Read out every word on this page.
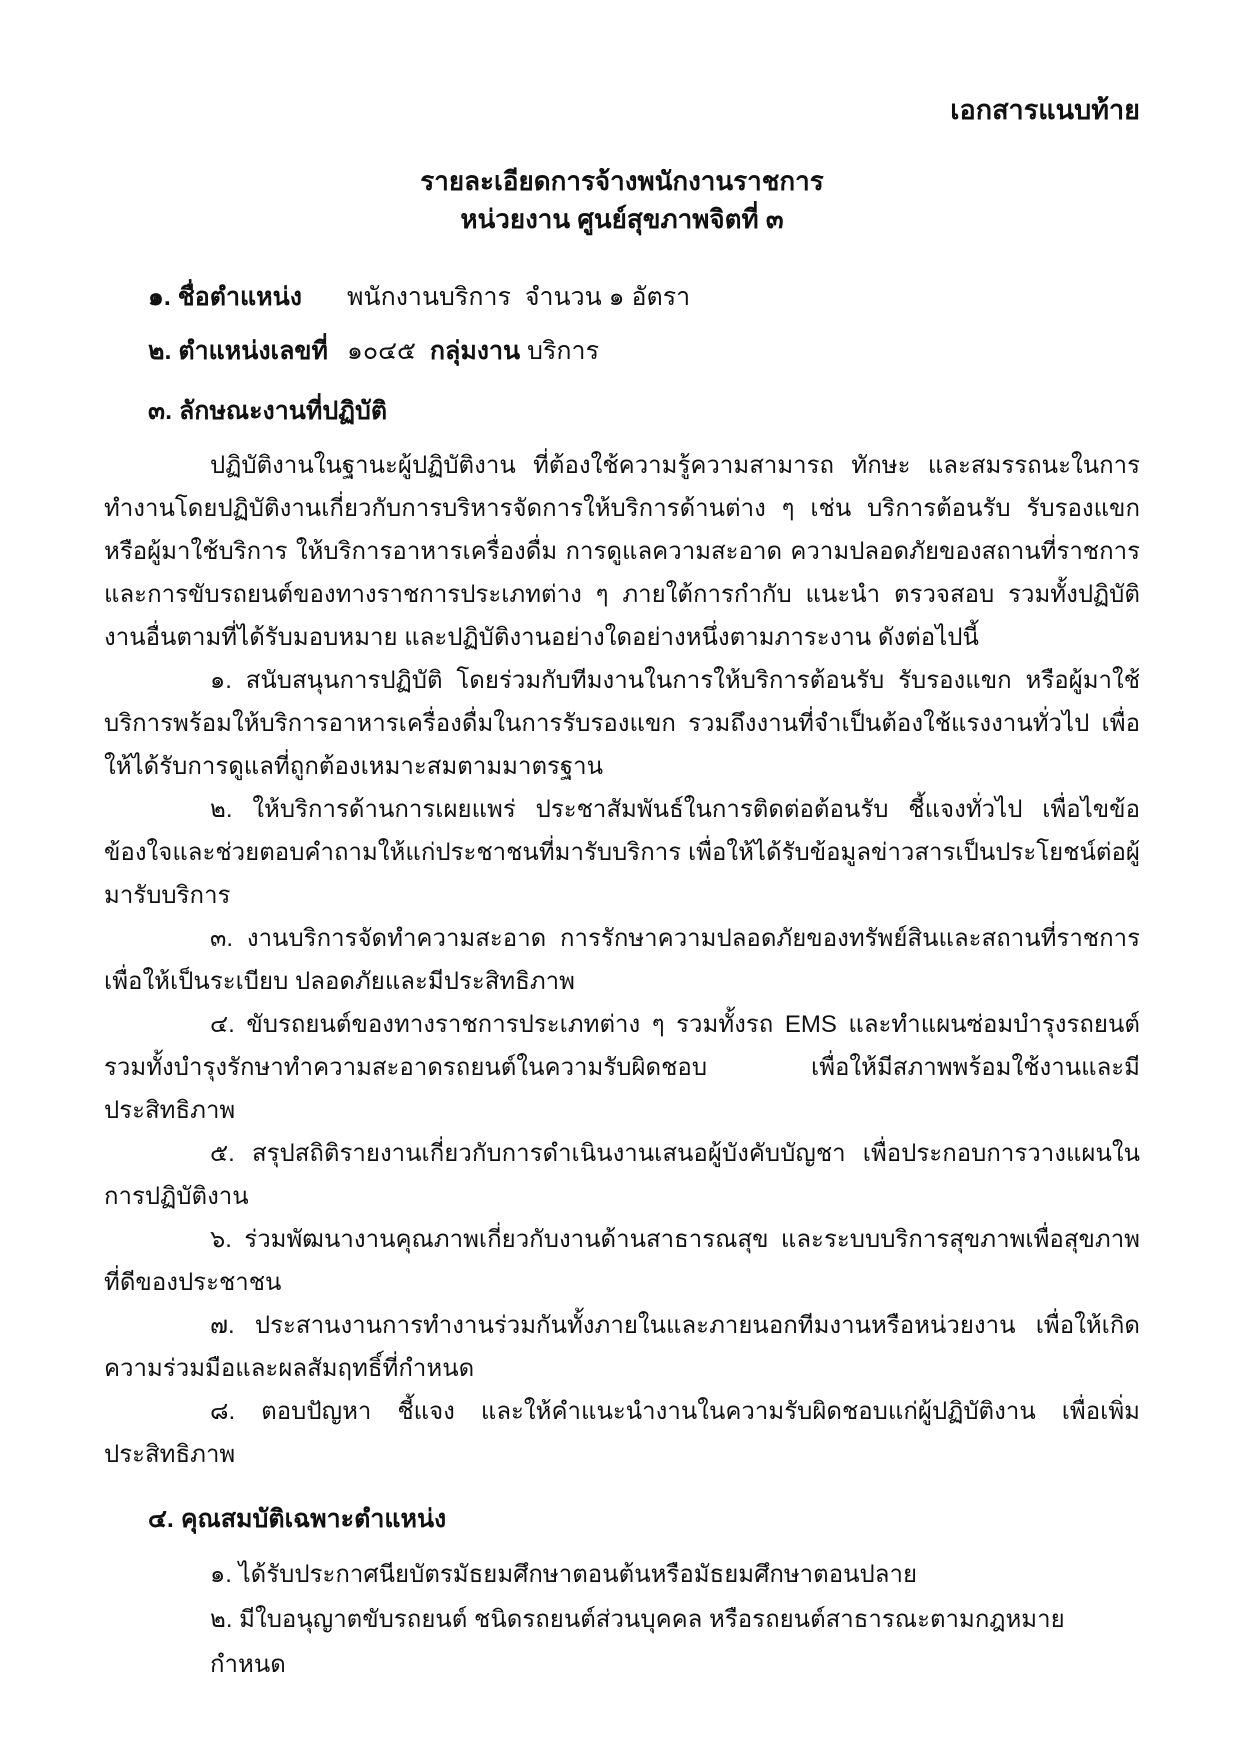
เอกสารแนบท้าย
รายละเอียดการจ้างพนักงานราชการ
หน่วยงาน ศูนย์สุขภาพจิตที่ ๓
๑. ชื่อตำแหน่ง	พนักงานบริการ  จำนวน ๑ อัตรา
๒. ตำแหน่งเลขที่ ๑๐๔๕  กลุ่มงาน บริการ
๓. ลักษณะงานที่ปฏิบัติ

ปฏิบัติงานในฐานะผู้ปฏิบัติงาน ที่ต้องใช้ความรู้ความสามารถ ทักษะ และสมรรถนะในการทำงานโดยปฏิบัติงานเกี่ยวกับการบริหารจัดการให้บริการด้านต่าง ๆ เช่น บริการต้อนรับ รับรองแขกหรือผู้มาใช้บริการ ให้บริการอาหารเครื่องดื่ม การดูแลความสะอาด ความปลอดภัยของสถานที่ราชการ และการขับรถยนต์ของทางราชการประเภทต่าง ๆ ภายใต้การกำกับ แนะนำ ตรวจสอบ รวมทั้งปฏิบัติงานอื่นตามที่ได้รับมอบหมาย และปฏิบัติงานอย่างใดอย่างหนึ่งตามภาระงาน ดังต่อไปนี้

๑. สนับสนุนการปฏิบัติ โดยร่วมกับทีมงานในการให้บริการต้อนรับ รับรองแขก หรือผู้มาใช้บริการพร้อมให้บริการอาหารเครื่องดื่มในการรับรองแขก รวมถึงงานที่จำเป็นต้องใช้แรงงานทั่วไป เพื่อให้ได้รับการดูแลที่ถูกต้องเหมาะสมตามมาตรฐาน

๒. ให้บริการด้านการเผยแพร่ ประชาสัมพันธ์ในการติดต่อต้อนรับ ชี้แจงทั่วไป เพื่อไขข้อข้องใจและช่วยตอบคำถามให้แก่ประชาชนที่มารับบริการ เพื่อให้ได้รับข้อมูลข่าวสารเป็นประโยชน์ต่อผู้มารับบริการ

๓. งานบริการจัดทำความสะอาด การรักษาความปลอดภัยของทรัพย์สินและสถานที่ราชการ เพื่อให้เป็นระเบียบ ปลอดภัยและมีประสิทธิภาพ

๔. ขับรถยนต์ของทางราชการประเภทต่าง ๆ รวมทั้งรถ EMS และทำแผนซ่อมบำรุงรถยนต์ รวมทั้งบำรุงรักษาทำความสะอาดรถยนต์ในความรับผิดชอบ เพื่อให้มีสภาพพร้อมใช้งานและมีประสิทธิภาพ

๕. สรุปสถิติรายงานเกี่ยวกับการดำเนินงานเสนอผู้บังคับบัญชา เพื่อประกอบการวางแผนในการปฏิบัติงาน

๖. ร่วมพัฒนางานคุณภาพเกี่ยวกับงานด้านสาธารณสุข และระบบบริการสุขภาพเพื่อสุขภาพที่ดีของประชาชน

๗. ประสานงานการทำงานร่วมกันทั้งภายในและภายนอกทีมงานหรือหน่วยงาน เพื่อให้เกิด ความร่วมมือและผลสัมฤทธิ์ที่กำหนด

๘. ตอบปัญหา ชี้แจง และให้คำแนะนำงานในความรับผิดชอบแก่ผู้ปฏิบัติงาน เพื่อเพิ่มประสิทธิภาพ

๔. คุณสมบัติเฉพาะตำแหน่ง

๑. ได้รับประกาศนียบัตรมัธยมศึกษาตอนต้นหรือมัธยมศึกษาตอนปลาย

๒. มีใบอนุญาตขับรถยนต์ ชนิดรถยนต์ส่วนบุคคล หรือรถยนต์สาธารณะตามกฎหมายกำหนด
